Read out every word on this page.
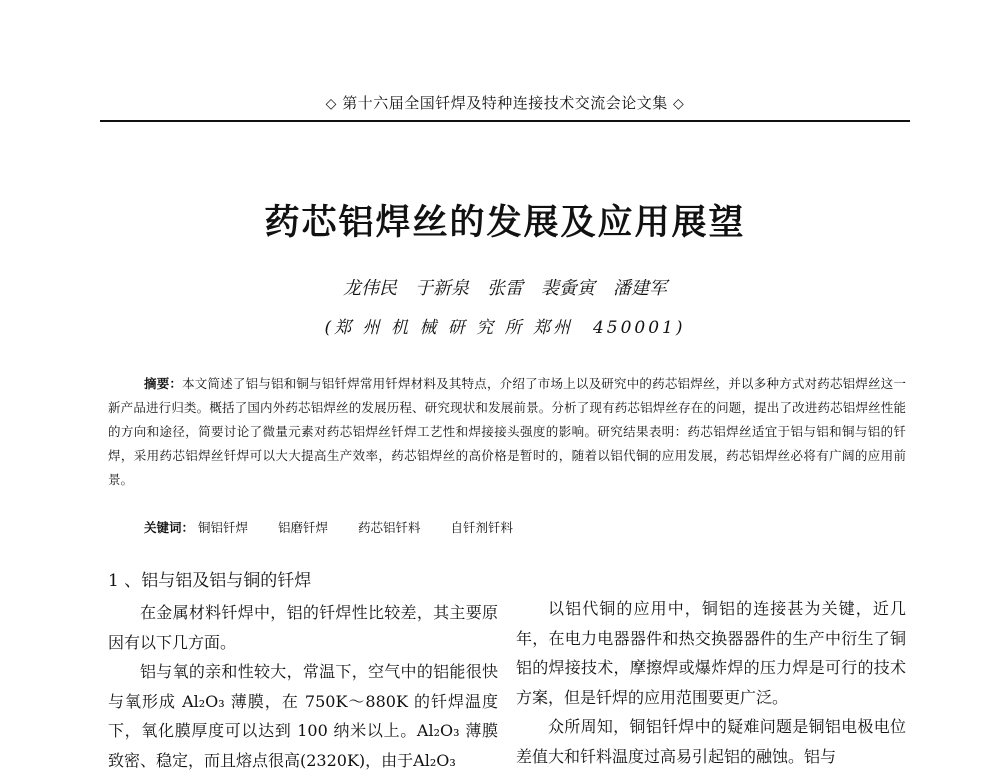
◇ 第十六届全国钎焊及特种连接技术交流会论文集 ◇
药芯铝焊丝的发展及应用展望
龙伟民　于新泉　张雷　裴夤寅　潘建军
(郑 州 机 械 研 究 所 郑州　450001)
摘要：本文简述了铝与铝和铜与铝钎焊常用钎焊材料及其特点，介绍了市场上以及研究中的药芯铝焊丝，并以多种方式对药芯铝焊丝这一新产品进行归类。概括了国内外药芯铝焊丝的发展历程、研究现状和发展前景。分析了现有药芯铝焊丝存在的问题，提出了改进药芯铝焊丝性能的方向和途径，简要讨论了微量元素对药芯铝焊丝钎焊工艺性和焊接接头强度的影响。研究结果表明：药芯铝焊丝适宜于铝与铝和铜与铝的钎焊，采用药芯铝焊丝钎焊可以大大提高生产效率，药芯铝焊丝的高价格是暂时的，随着以铝代铜的应用发展，药芯铝焊丝必将有广阔的应用前景。
关键词： 铜铝钎焊 铝磨钎焊 药芯铝钎料 自钎剂钎料
1 、铝与铝及铝与铜的钎焊

在金属材料钎焊中，铝的钎焊性比较差，其主要原因有以下几方面。

铝与氧的亲和性较大，常温下，空气中的铝能很快与氧形成 Al₂O₃ 薄膜，在 750K～880K 的钎焊温度下，氧化膜厚度可以达到 100 纳米以上。Al₂O₃ 薄膜致密、稳定，而且熔点很高(2320K)，由于Al₂O₃

以铝代铜的应用中，铜铝的连接甚为关键，近几年，在电力电器器件和热交换器器件的生产中衍生了铜铝的焊接技术，摩擦焊或爆炸焊的压力焊是可行的技术方案，但是钎焊的应用范围要更广泛。

众所周知，铜铝钎焊中的疑难问题是铜铝电极电位差值大和钎料温度过高易引起铝的融蚀。铝与
